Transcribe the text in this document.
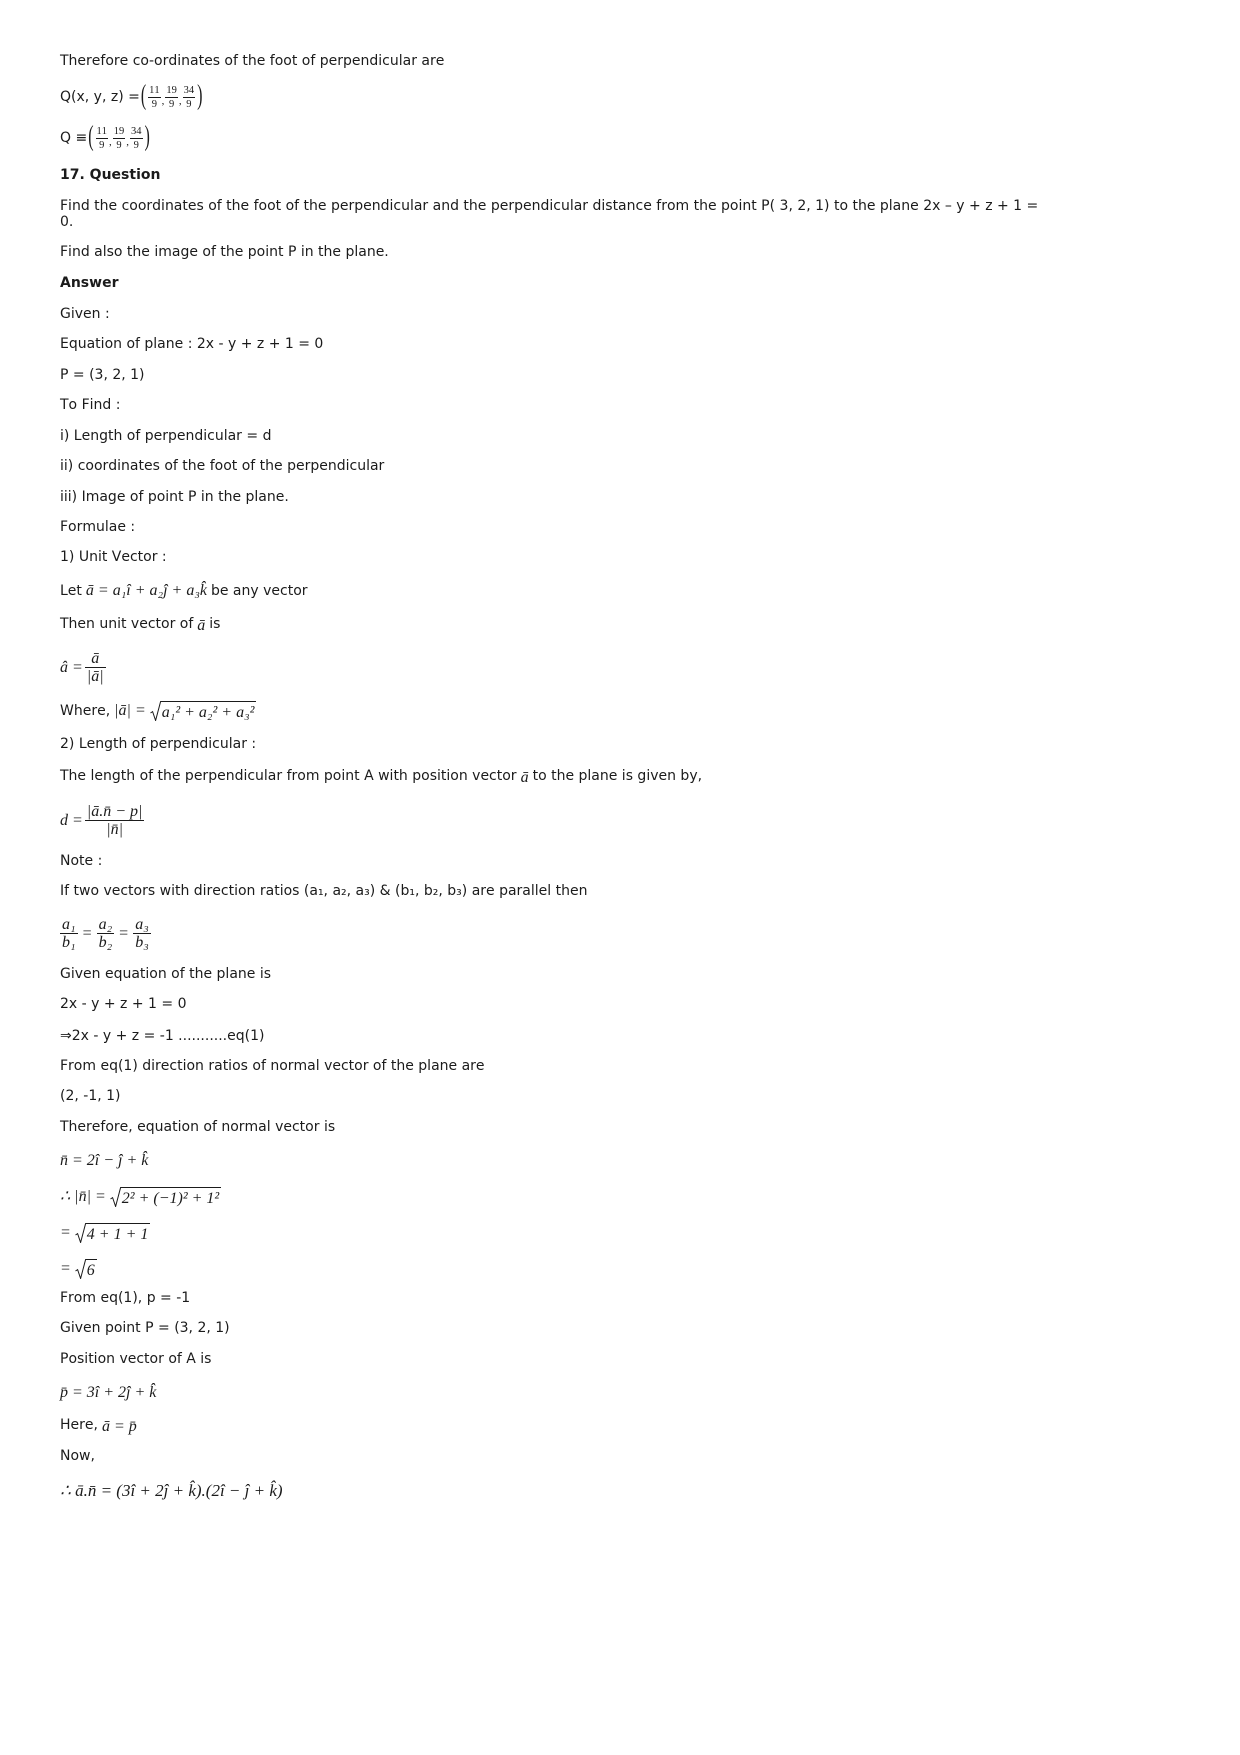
Therefore co-ordinates of the foot of perpendicular are
Q(x, y, z) = ( $\frac{11}{9}$ , $\frac{19}{9}$ , $\frac{34}{9}$ )
Q ≡ ( $\frac{11}{9}$ , $\frac{19}{9}$ , $\frac{34}{9}$ )
17. Question
Find the coordinates of the foot of the perpendicular and the perpendicular distance from the point P( 3, 2, 1) to the plane 2x – y + z + 1 = 0.
Find also the image of the point P in the plane.
Answer
Given :
Equation of plane : 2x - y + z + 1 = 0
P = (3, 2, 1)
To Find :
i) Length of perpendicular = d
ii) coordinates of the foot of the perpendicular
iii) Image of point P in the plane.
Formulae :
1) Unit Vector :
Let ā = a₁î + a₂ĵ + a₃k̂ be any vector
Then unit vector of ā is
â = $\frac{ā}{|ā|}$
Where, |ā| = a₁² + a₂² + a₃²
2) Length of perpendicular :
The length of the perpendicular from point A with position vector ā to the plane is given by,
$d = \frac{|ā.n̄ - p|}{|n̄|}$
Note :
If two vectors with direction ratios (a₁, a₂, a₃) & (b₁, b₂, b₃) are parallel then
$\frac{\text{a₁}}{\text{b₁}} = \frac{\text{a₂}}{\text{b₂}} = \frac{\text{a₃}}{\text{b₃}}$
Given equation of the plane is
2x - y + z + 1 = 0
⇒2x - y + z = -1 ...........eq(1)
From eq(1) direction ratios of normal vector of the plane are
(2, -1, 1)
Therefore, equation of normal vector is
n̄ = 2î − ĵ + k̂
∴ |n̄| = 2² + (−1)² + 1²
= 4 + 1 + 1
= 6
From eq(1), p = -1
Given point P = (3, 2, 1)
Position vector of A is
p̄ = 3î + 2ĵ + k̂
Here, ā = p̄
Now,
∴ ā.n̄ = (3î + 2ĵ + k̂).(2î − ĵ + k̂)
